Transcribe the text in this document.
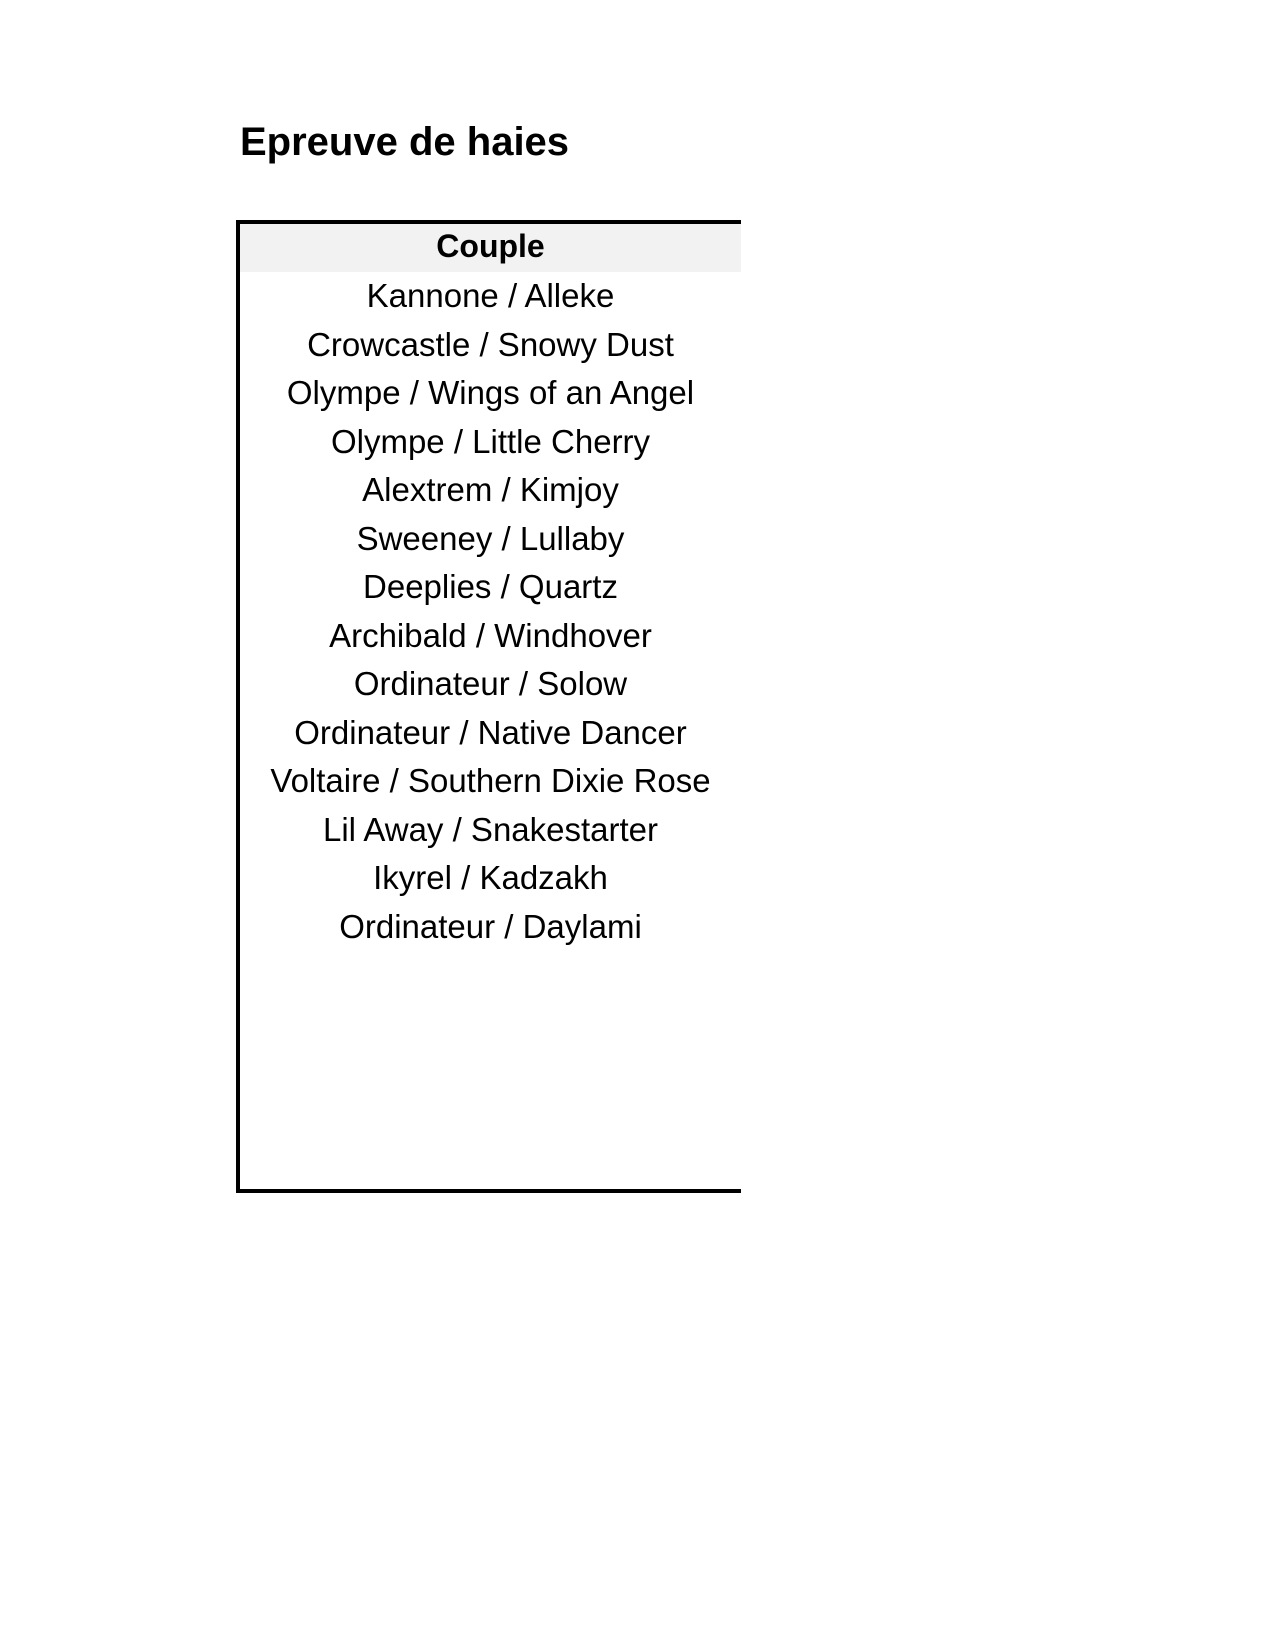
Epreuve de haies
Couple
Kannone / Alleke
Crowcastle / Snowy Dust
Olympe / Wings of an Angel
Olympe / Little Cherry
Alextrem / Kimjoy
Sweeney / Lullaby
Deeplies / Quartz
Archibald / Windhover
Ordinateur / Solow
Ordinateur / Native Dancer
Voltaire / Southern Dixie Rose
Lil Away / Snakestarter
Ikyrel / Kadzakh
Ordinateur / Daylami
